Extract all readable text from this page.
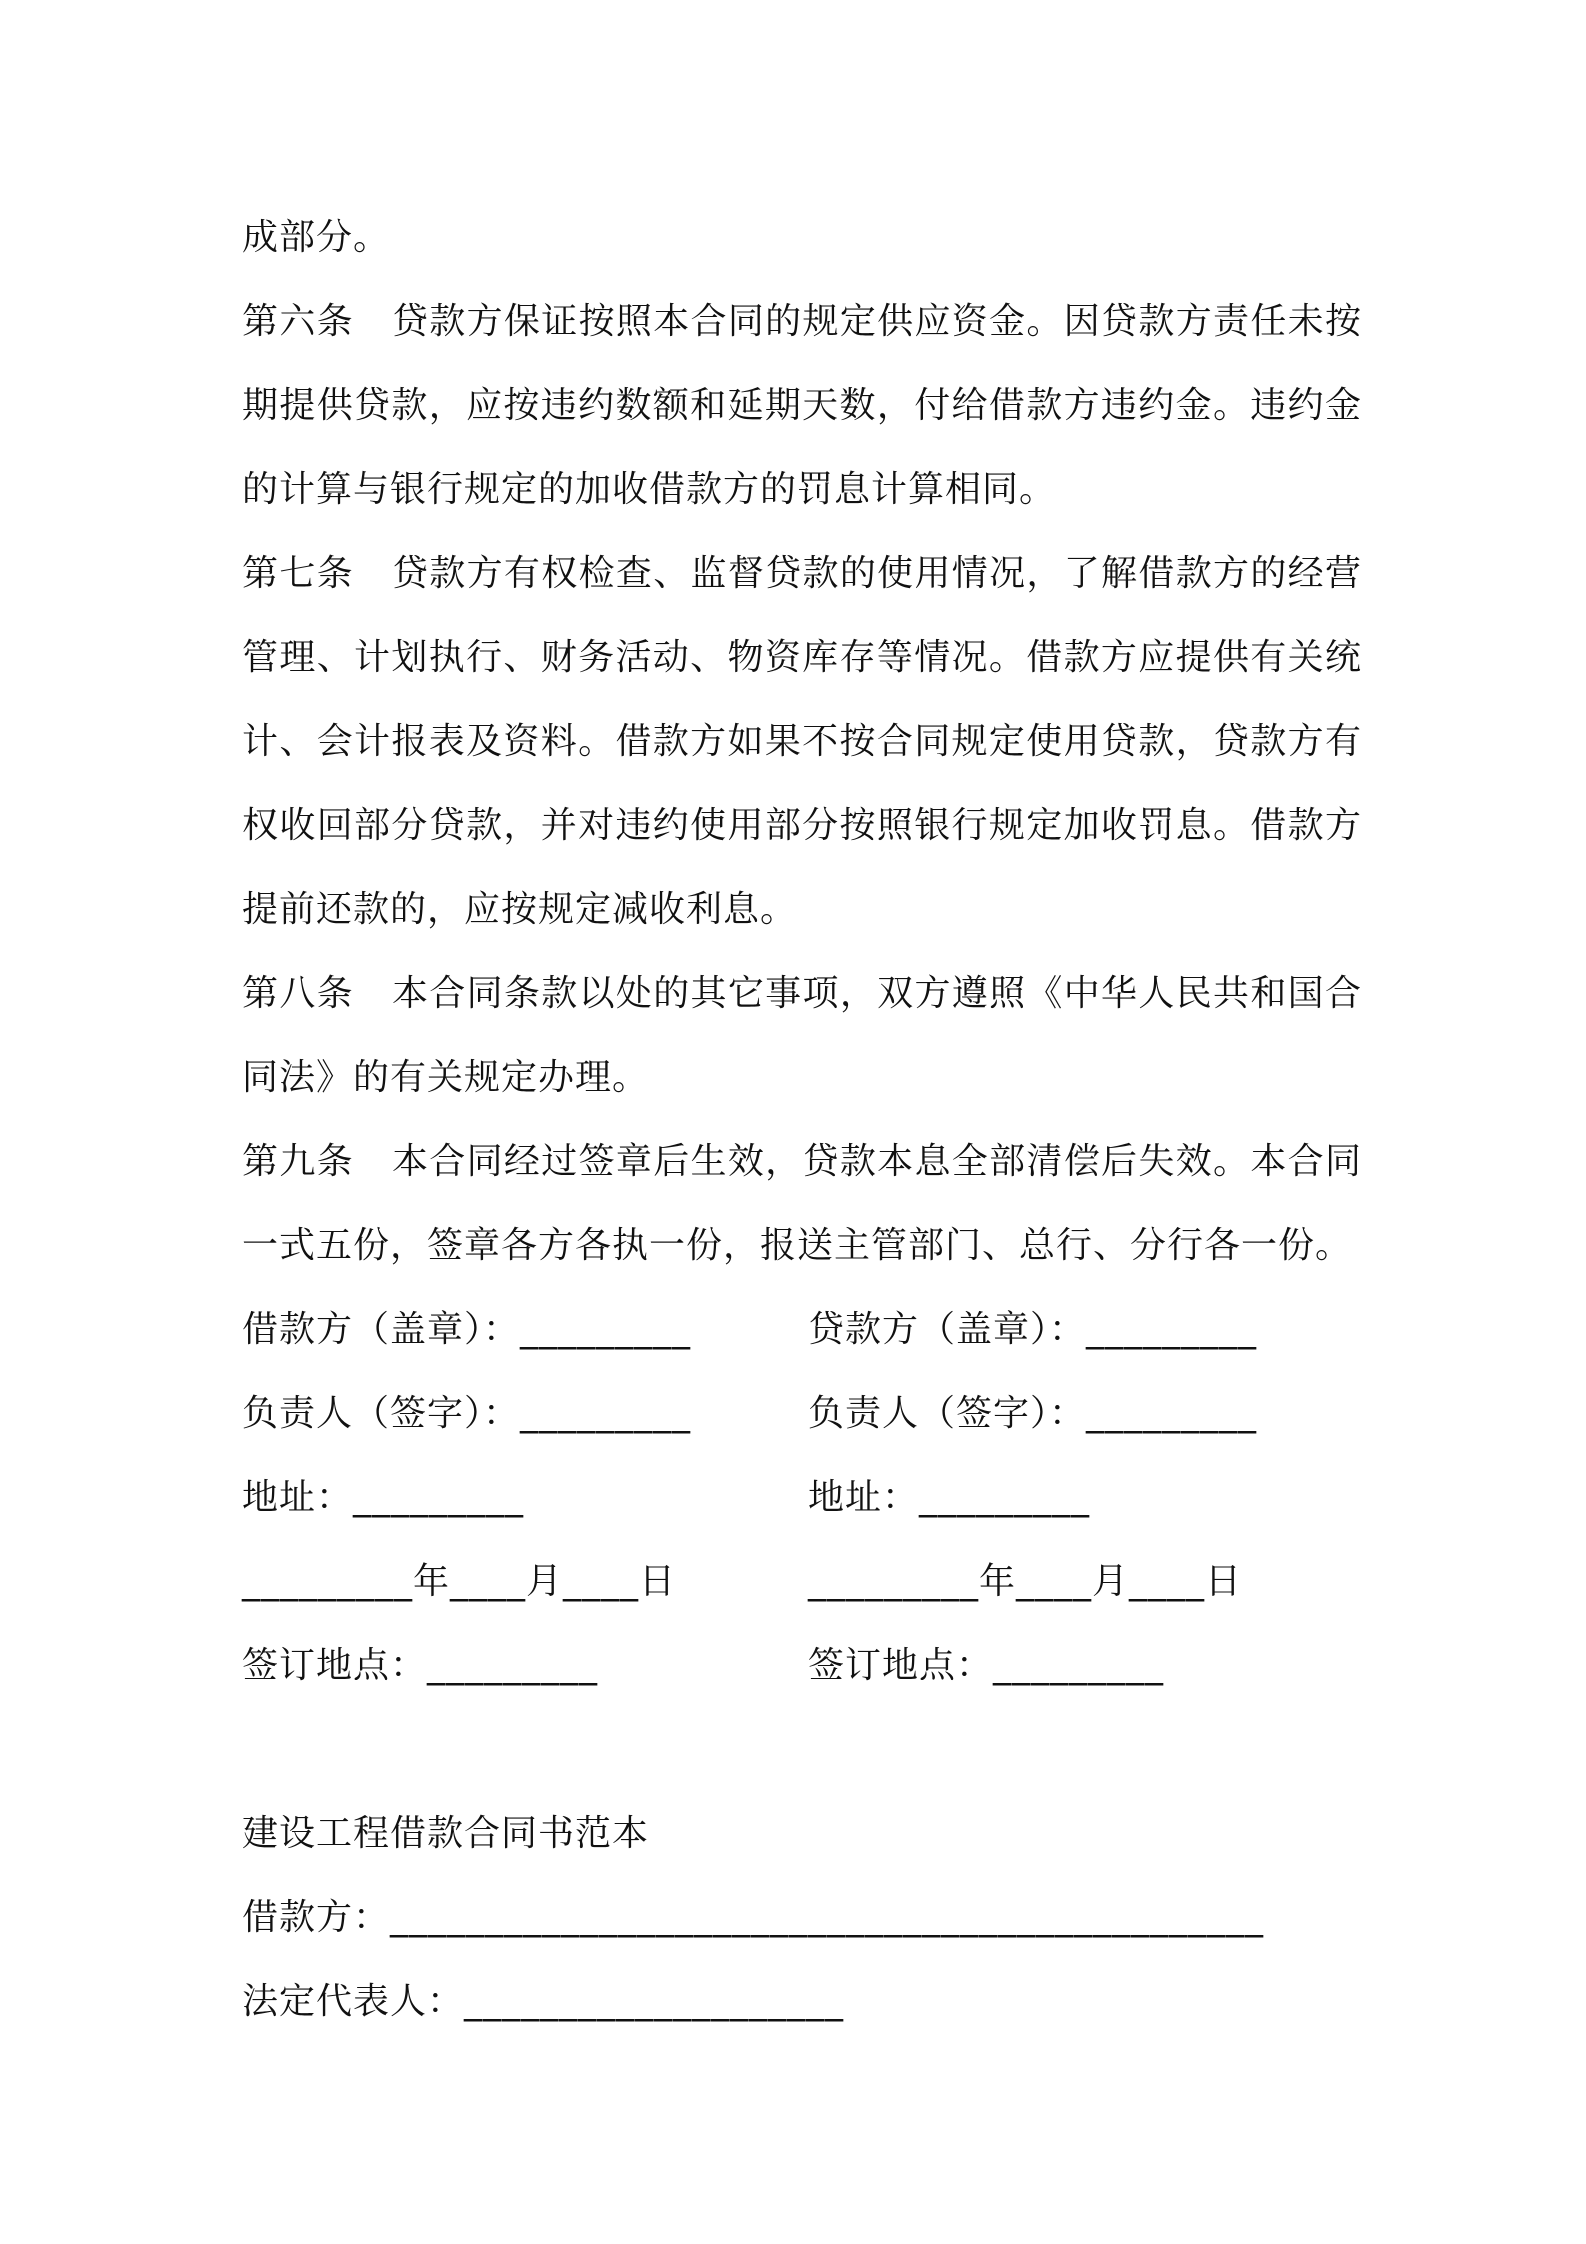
成部分。

第六条 贷款方保证按照本合同的规定供应资金。因贷款方责任未按期提供贷款，应按违约数额和延期天数，付给借款方违约金。违约金的计算与银行规定的加收借款方的罚息计算相同。

第七条 贷款方有权检查、监督贷款的使用情况，了解借款方的经营管理、计划执行、财务活动、物资库存等情况。借款方应提供有关统计、会计报表及资料。借款方如果不按合同规定使用贷款，贷款方有权收回部分贷款，并对违约使用部分按照银行规定加收罚息。借款方提前还款的，应按规定减收利息。

第八条 本合同条款以处的其它事项，双方遵照《中华人民共和国合同法》的有关规定办理。

第九条 本合同经过签章后生效，贷款本息全部清偿后失效。本合同一式五份，签章各方各执一份，报送主管部门、总行、分行各一份。

借款方（盖章）：_________	贷款方（盖章）：_________
负责人（签字）：_________	负责人（签字）：_________
地址：_________	地址：_________
_________年____月____日	_________年____月____日
签订地点：_________	签订地点：_________

建设工程借款合同书范本

借款方：______________________________________________

法定代表人：____________________
